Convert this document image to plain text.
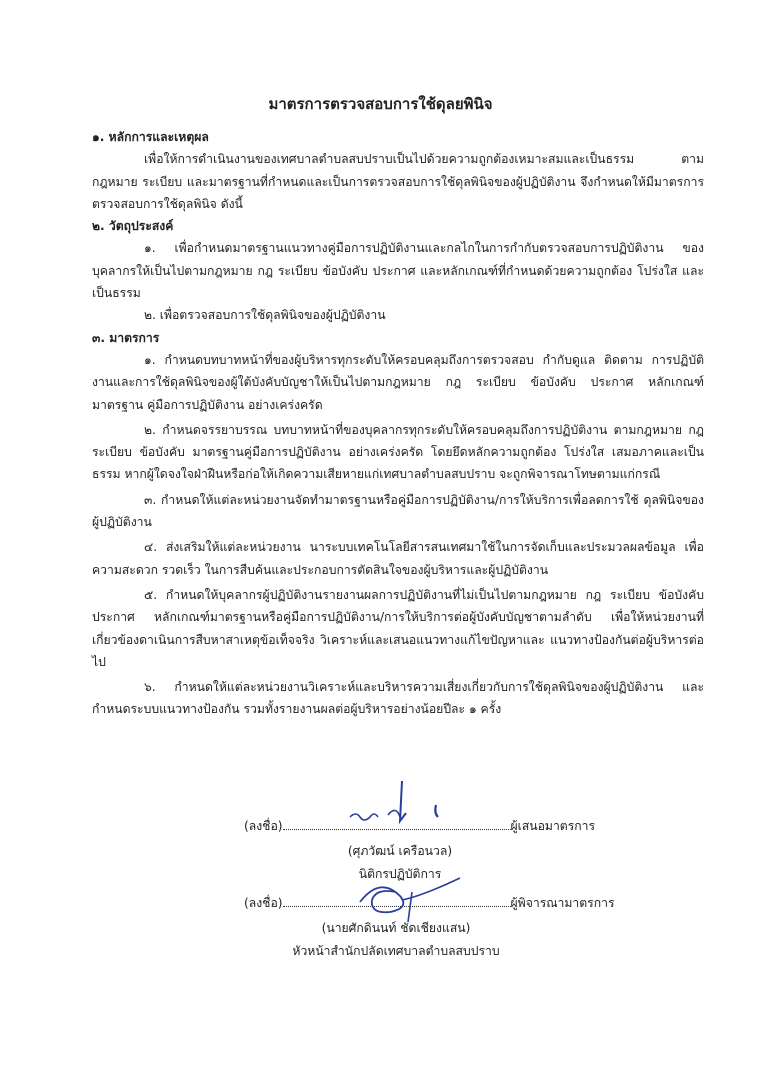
มาตรการตรวจสอบการใช้ดุลยพินิจ

๑. หลักการและเหตุผล

เพื่อให้การดำเนินงานของเทศบาลตำบลสบปราบเป็นไปด้วยความถูกต้องเหมาะสมและเป็นธรรม ตามกฎหมาย ระเบียบ และมาตรฐานที่กำหนดและเป็นการตรวจสอบการใช้ดุลพินิจของผู้ปฏิบัติงาน จึงกำหนดให้มีมาตรการตรวจสอบการใช้ดุลพินิจ ดังนี้

๒. วัตถุประสงค์

๑. เพื่อกำหนดมาตรฐานแนวทางคู่มือการปฏิบัติงานและกลไกในการกำกับตรวจสอบการปฏิบัติงาน ของบุคลากรให้เป็นไปตามกฎหมาย กฎ ระเบียบ ข้อบังคับ ประกาศ และหลักเกณฑ์ที่กำหนดด้วยความถูกต้อง โปร่งใส และเป็นธรรม

๒. เพื่อตรวจสอบการใช้ดุลพินิจของผู้ปฏิบัติงาน

๓. มาตรการ

๑. กำหนดบทบาทหน้าที่ของผู้บริหารทุกระดับให้ครอบคลุมถึงการตรวจสอบ กำกับดูแล ติดตาม การปฏิบัติงานและการใช้ดุลพินิจของผู้ใต้บังคับบัญชาให้เป็นไปตามกฎหมาย กฎ ระเบียบ ข้อบังคับ ประกาศ หลักเกณฑ์ มาตรฐาน คู่มือการปฏิบัติงาน อย่างเคร่งครัด

๒. กำหนดจรรยาบรรณ บทบาทหน้าที่ของบุคลากรทุกระดับให้ครอบคลุมถึงการปฏิบัติงาน ตามกฎหมาย กฎ ระเบียบ ข้อบังคับ มาตรฐานคู่มือการปฏิบัติงาน อย่างเคร่งครัด โดยยึดหลักความถูกต้อง โปร่งใส เสมอภาคและเป็นธรรม หากผู้ใดจงใจฝ่าฝืนหรือก่อให้เกิดความเสียหายแก่เทศบาลตำบลสบปราบ จะถูกพิจารณาโทษตามแก่กรณี

๓. กำหนดให้แต่ละหน่วยงานจัดทำมาตรฐานหรือคู่มือการปฏิบัติงาน/การให้บริการเพื่อลดการใช้ ดุลพินิจของผู้ปฏิบัติงาน

๔. ส่งเสริมให้แต่ละหน่วยงาน นาระบบเทคโนโลยีสารสนเทศมาใช้ในการจัดเก็บและประมวลผลข้อมูล เพื่อความสะดวก รวดเร็ว ในการสืบค้นและประกอบการตัดสินใจของผู้บริหารและผู้ปฏิบัติงาน

๕. กำหนดให้บุคลากรผู้ปฏิบัติงานรายงานผลการปฏิบัติงานที่ไม่เป็นไปตามกฎหมาย กฎ ระเบียบ ข้อบังคับ ประกาศ หลักเกณฑ์มาตรฐานหรือคู่มือการปฏิบัติงาน/การให้บริการต่อผู้บังคับบัญชาตามลำดับ เพื่อให้หน่วยงานที่เกี่ยวข้องดาเนินการสืบหาสาเหตุข้อเท็จจริง วิเคราะห์และเสนอแนวทางแก้ไขปัญหาและ แนวทางป้องกันต่อผู้บริหารต่อไป

๖. กำหนดให้แต่ละหน่วยงานวิเคราะห์และบริหารความเสี่ยงเกี่ยวกับการใช้ดุลพินิจของผู้ปฏิบัติงาน และกำหนดระบบแนวทางป้องกัน รวมทั้งรายงานผลต่อผู้บริหารอย่างน้อยปีละ ๑ ครั้ง

(ลงชื่อ)	ผู้เสนอมาตรการ
(ศุภวัฒน์ เครือนวล)
นิติกรปฏิบัติการ
(ลงชื่อ)	ผู้พิจารณามาตรการ
(นายศักดินนท์ ชัดเชียงแสน)
หัวหน้าสำนักปลัดเทศบาลตำบลสบปราบ
